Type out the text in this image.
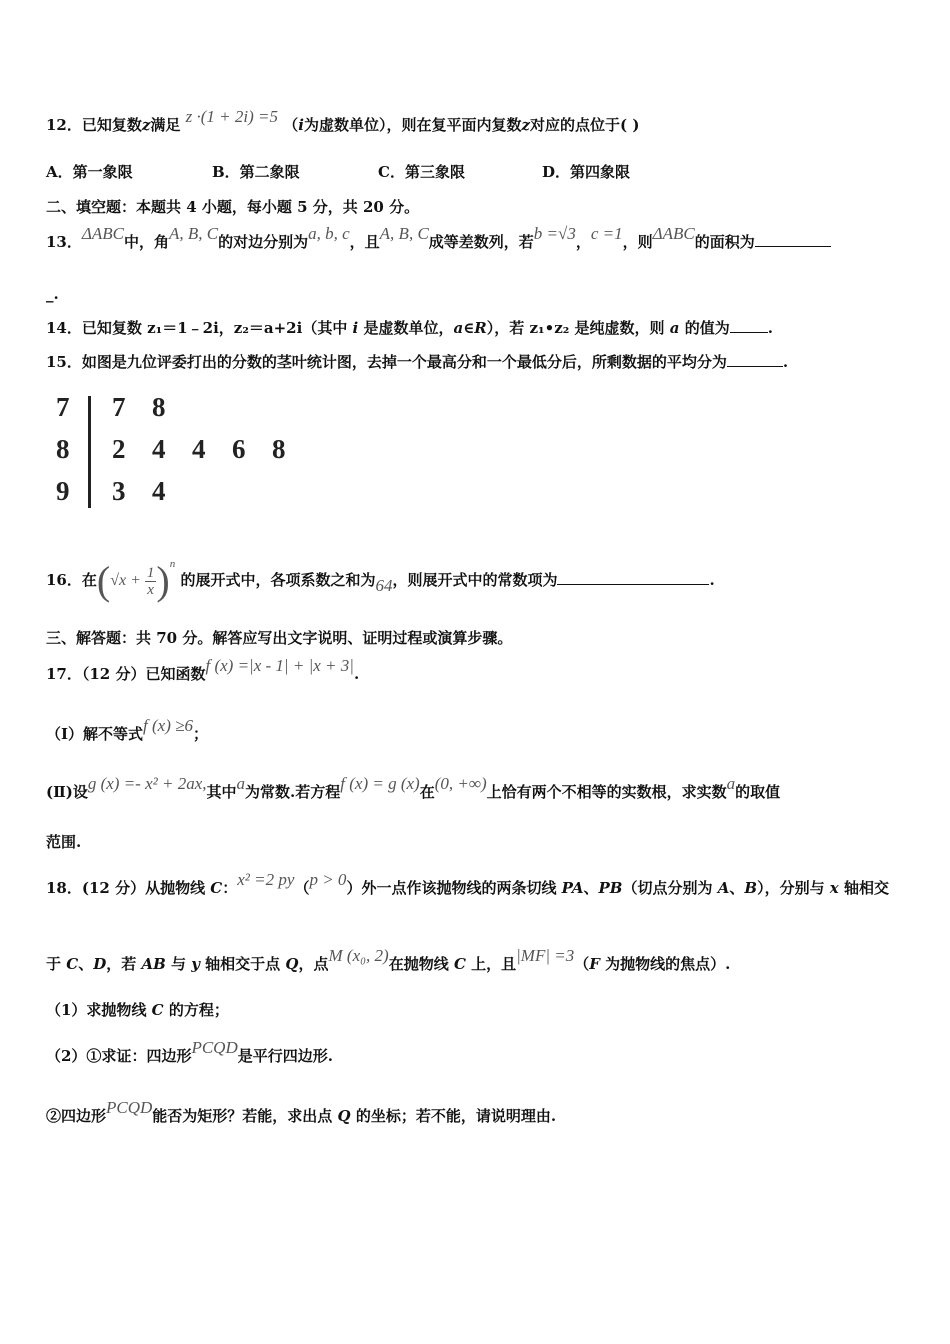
12．已知复数z满足 z ·(1 + 2i) =5 （i为虚数单位），则在复平面内复数z对应的点位于( )
A．第一象限	B．第二象限	C．第三象限	D．第四象限
二、填空题：本题共 4 小题，每小题 5 分，共 20 分。
13．ΔABC中，角A, B, C的对边分别为a, b, c，且A, B, C成等差数列，若b =√3，c =1，则ΔABC的面积为
_.
14．已知复数 z₁＝1﹣2i，z₂＝a+2i（其中 i 是虚数单位，a∈R），若 z₁•z₂ 是纯虚数，则 a 的值为	.
15．如图是九位评委打出的分数的茎叶统计图，去掉一个最高分和一个最低分后，所剩数据的平均分为	.
7 7 8
8 2 4 4 6 8
9 3 4
16．在$(√x + \frac{1}{x} )^n$ 的展开式中，各项系数之和为64，则展开式中的常数项为	.
三、解答题：共 70 分。解答应写出文字说明、证明过程或演算步骤。
17．（12 分）已知函数f (x) =|x - 1| + |x + 3|.
（Ⅰ）解不等式f (x) ≥6；
(Ⅱ)设g (x) =- x² + 2ax,其中a为常数.若方程f (x) = g (x)在(0, +∞)上恰有两个不相等的实数根，求实数a的取值
范围.
18．(12 分）从抛物线 C：x² =2 py（p > 0）外一点作该抛物线的两条切线 PA、PB（切点分别为 A、B），分别与 x 轴相交
于 C、D，若 AB 与 y 轴相交于点 Q，点M (x₀, 2)在抛物线 C 上，且|MF| =3（F 为抛物线的焦点）.
（1）求抛物线 C 的方程；
（2）①求证：四边形PCQD是平行四边形.
②四边形PCQD能否为矩形？若能，求出点 Q 的坐标；若不能，请说明理由.
